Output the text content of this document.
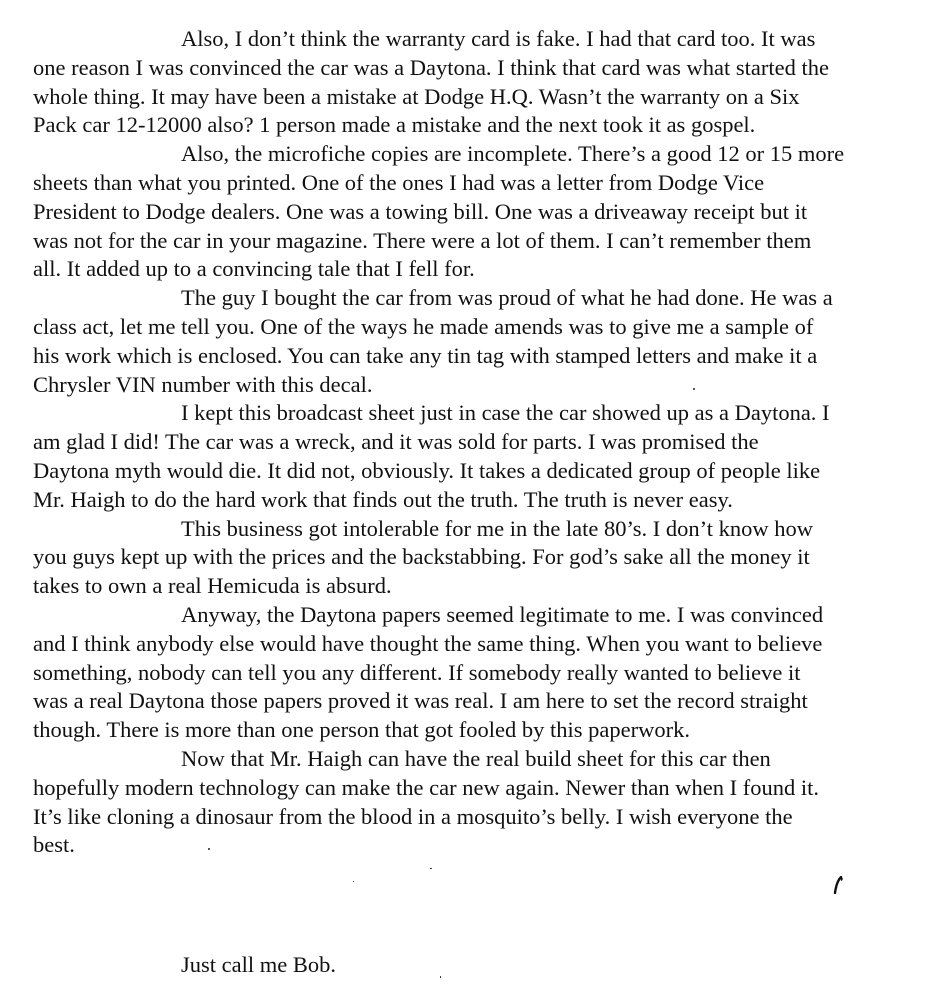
Also, I don’t think the warranty card is fake. I had that card too. It was
one reason I was convinced the car was a Daytona. I think that card was what started the
whole thing. It may have been a mistake at Dodge H.Q. Wasn’t the warranty on a Six
Pack car 12-12000 also? 1 person made a mistake and the next took it as gospel.
Also, the microfiche copies are incomplete. There’s a good 12 or 15 more
sheets than what you printed. One of the ones I had was a letter from Dodge Vice
President to Dodge dealers. One was a towing bill. One was a driveaway receipt but it
was not for the car in your magazine. There were a lot of them. I can’t remember them
all. It added up to a convincing tale that I fell for.
The guy I bought the car from was proud of what he had done. He was a
class act, let me tell you. One of the ways he made amends was to give me a sample of
his work which is enclosed. You can take any tin tag with stamped letters and make it a
Chrysler VIN number with this decal.
I kept this broadcast sheet just in case the car showed up as a Daytona. I
am glad I did! The car was a wreck, and it was sold for parts. I was promised the
Daytona myth would die. It did not, obviously. It takes a dedicated group of people like
Mr. Haigh to do the hard work that finds out the truth. The truth is never easy.
This business got intolerable for me in the late 80’s. I don’t know how
you guys kept up with the prices and the backstabbing. For god’s sake all the money it
takes to own a real Hemicuda is absurd.
Anyway, the Daytona papers seemed legitimate to me. I was convinced
and I think anybody else would have thought the same thing. When you want to believe
something, nobody can tell you any different. If somebody really wanted to believe it
was a real Daytona those papers proved it was real. I am here to set the record straight
though. There is more than one person that got fooled by this paperwork.
Now that Mr. Haigh can have the real build sheet for this car then
hopefully modern technology can make the car new again. Newer than when I found it.
It’s like cloning a dinosaur from the blood in a mosquito’s belly. I wish everyone the
best.
Just call me Bob.
